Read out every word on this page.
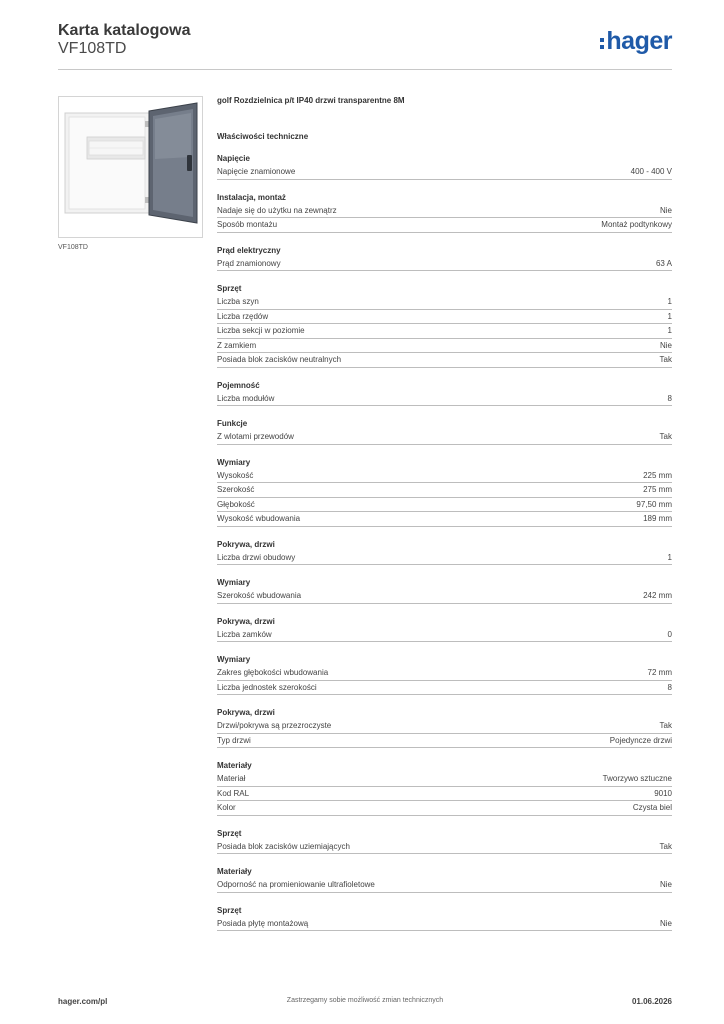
Karta katalogowa
VF108TD	hager
VF108TD
golf Rozdzielnica p/t IP40 drzwi transparentne 8M
Właściwości techniczne
Napięcie
Napięcie znamionowe	400 - 400 V
Instalacja, montaż
Nadaje się do użytku na zewnątrz	Nie
Sposób montażu	Montaż podtynkowy
Prąd elektryczny
Prąd znamionowy	63 A
Sprzęt
Liczba szyn	1
Liczba rzędów	1
Liczba sekcji w poziomie	1
Z zamkiem	Nie
Posiada blok zacisków neutralnych	Tak
Pojemność
Liczba modułów	8
Funkcje
Z wlotami przewodów	Tak
Wymiary
Wysokość	225 mm
Szerokość	275 mm
Głębokość	97,50 mm
Wysokość wbudowania	189 mm
Pokrywa, drzwi
Liczba drzwi obudowy	1
Wymiary
Szerokość wbudowania	242 mm
Pokrywa, drzwi
Liczba zamków	0
Wymiary
Zakres głębokości wbudowania	72 mm
Liczba jednostek szerokości	8
Pokrywa, drzwi
Drzwi/pokrywa są przezroczyste	Tak
Typ drzwi	Pojedyncze drzwi
Materiały
Materiał	Tworzywo sztuczne
Kod RAL	9010
Kolor	Czysta biel
Sprzęt
Posiada blok zacisków uziemiających	Tak
Materiały
Odporność na promieniowanie ultrafioletowe	Nie
Sprzęt
Posiada płytę montażową	Nie
hager.com/pl	Zastrzegamy sobie możliwość zmian technicznych	01.06.2026
